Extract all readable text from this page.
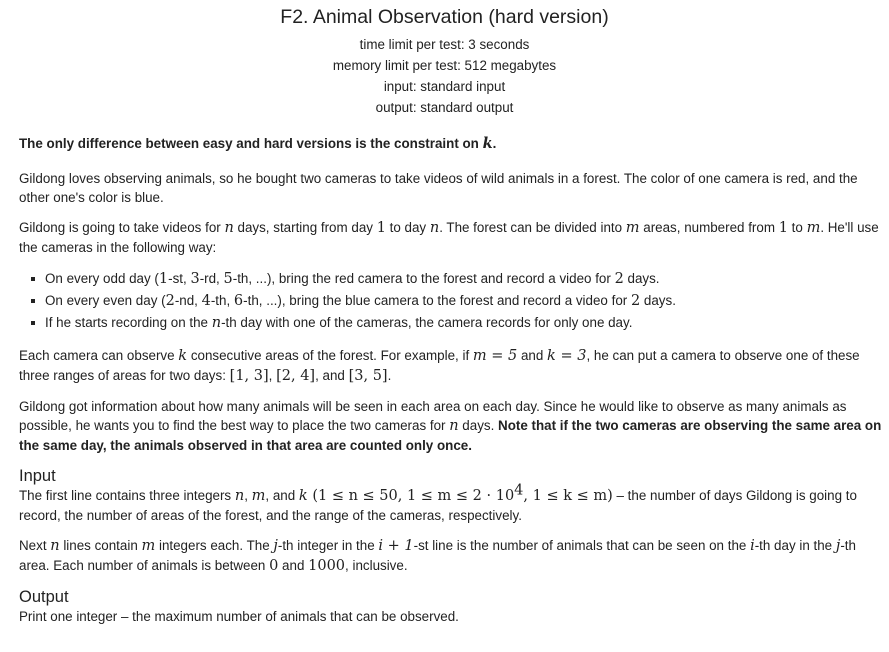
F2. Animal Observation (hard version)
time limit per test: 3 seconds
memory limit per test: 512 megabytes
input: standard input
output: standard output

The only difference between easy and hard versions is the constraint on k.

Gildong loves observing animals, so he bought two cameras to take videos of wild animals in a forest. The color of one camera is red, and the other one's color is blue.

Gildong is going to take videos for n days, starting from day 1 to day n. The forest can be divided into m areas, numbered from 1 to m. He'll use the cameras in the following way:

On every odd day (1-st, 3-rd, 5-th, ...), bring the red camera to the forest and record a video for 2 days.
On every even day (2-nd, 4-th, 6-th, ...), bring the blue camera to the forest and record a video for 2 days.
If he starts recording on the n-th day with one of the cameras, the camera records for only one day.

Each camera can observe k consecutive areas of the forest. For example, if m = 5 and k = 3, he can put a camera to observe one of these three ranges of areas for two days: [1, 3], [2, 4], and [3, 5].

Gildong got information about how many animals will be seen in each area on each day. Since he would like to observe as many animals as possible, he wants you to find the best way to place the two cameras for n days. Note that if the two cameras are observing the same area on the same day, the animals observed in that area are counted only once.

Input

The first line contains three integers n, m, and k (1 ≤ n ≤ 50, $1 \le m \le 2 \cdot 10^4$, 1 ≤ k ≤ m) – the number of days Gildong is going to record, the number of areas of the forest, and the range of the cameras, respectively.

Next n lines contain m integers each. The j-th integer in the i + 1-st line is the number of animals that can be seen on the i-th day in the j-th area. Each number of animals is between 0 and 1000, inclusive.

Output

Print one integer – the maximum number of animals that can be observed.
